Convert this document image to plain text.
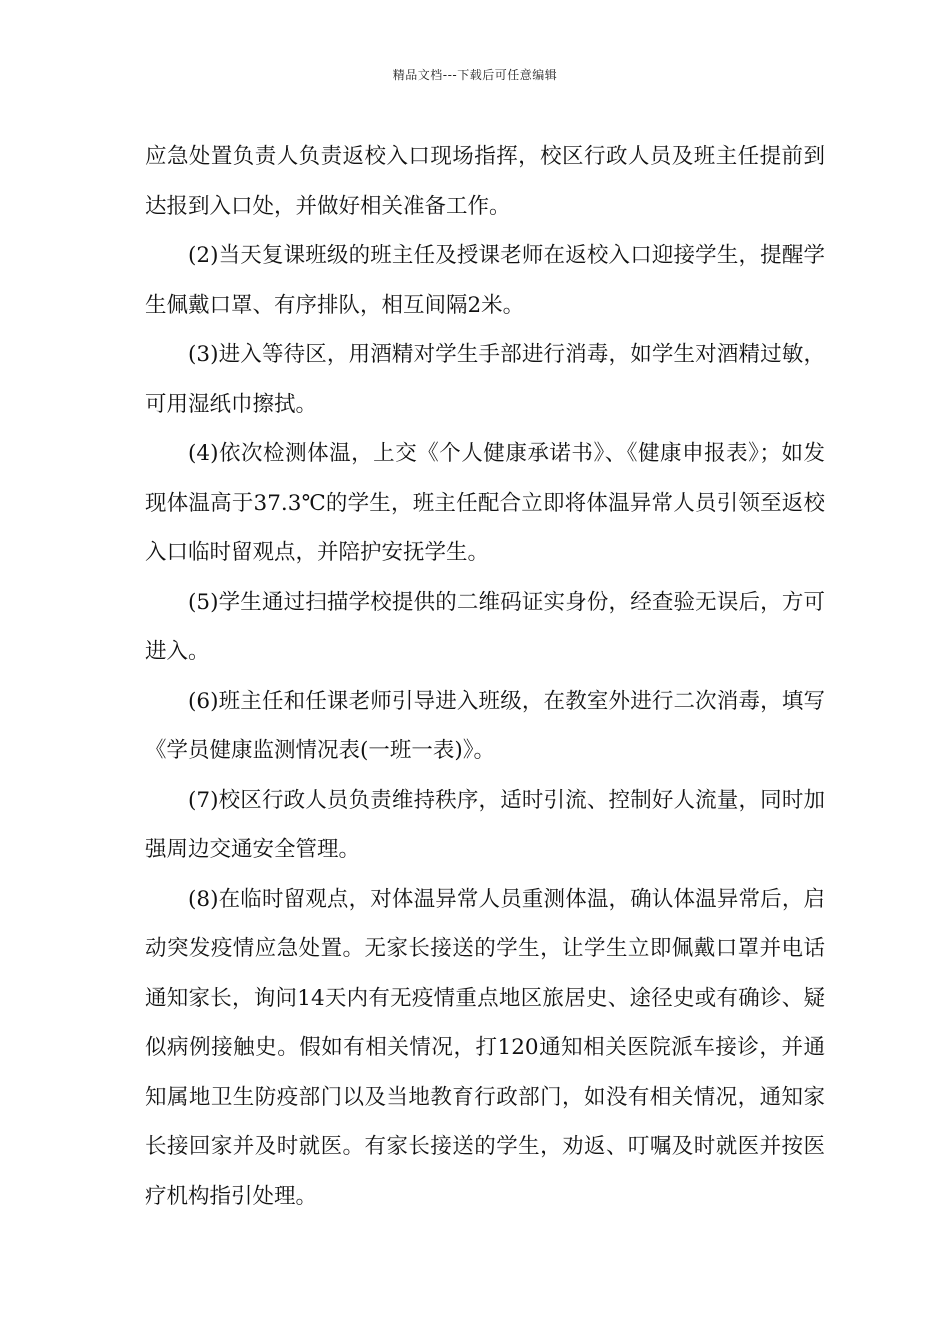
精品文档---下载后可任意编辑

应急处置负责人负责返校入口现场指挥，校区行政人员及班主任提前到达报到入口处，并做好相关准备工作。

(2)当天复课班级的班主任及授课老师在返校入口迎接学生，提醒学生佩戴口罩、有序排队，相互间隔2米。

(3)进入等待区，用酒精对学生手部进行消毒，如学生对酒精过敏，可用湿纸巾擦拭。

(4)依次检测体温，上交《个人健康承诺书》、《健康申报表》；如发现体温高于37.3℃的学生，班主任配合立即将体温异常人员引领至返校入口临时留观点，并陪护安抚学生。

(5)学生通过扫描学校提供的二维码证实身份，经查验无误后，方可进入。

(6)班主任和任课老师引导进入班级，在教室外进行二次消毒，填写《学员健康监测情况表(一班一表)》。

(7)校区行政人员负责维持秩序，适时引流、控制好人流量，同时加强周边交通安全管理。

(8)在临时留观点，对体温异常人员重测体温，确认体温异常后，启动突发疫情应急处置。无家长接送的学生，让学生立即佩戴口罩并电话通知家长，询问14天内有无疫情重点地区旅居史、途径史或有确诊、疑似病例接触史。假如有相关情况，打120通知相关医院派车接诊，并通知属地卫生防疫部门以及当地教育行政部门，如没有相关情况，通知家长接回家并及时就医。有家长接送的学生，劝返、叮嘱及时就医并按医疗机构指引处理。
